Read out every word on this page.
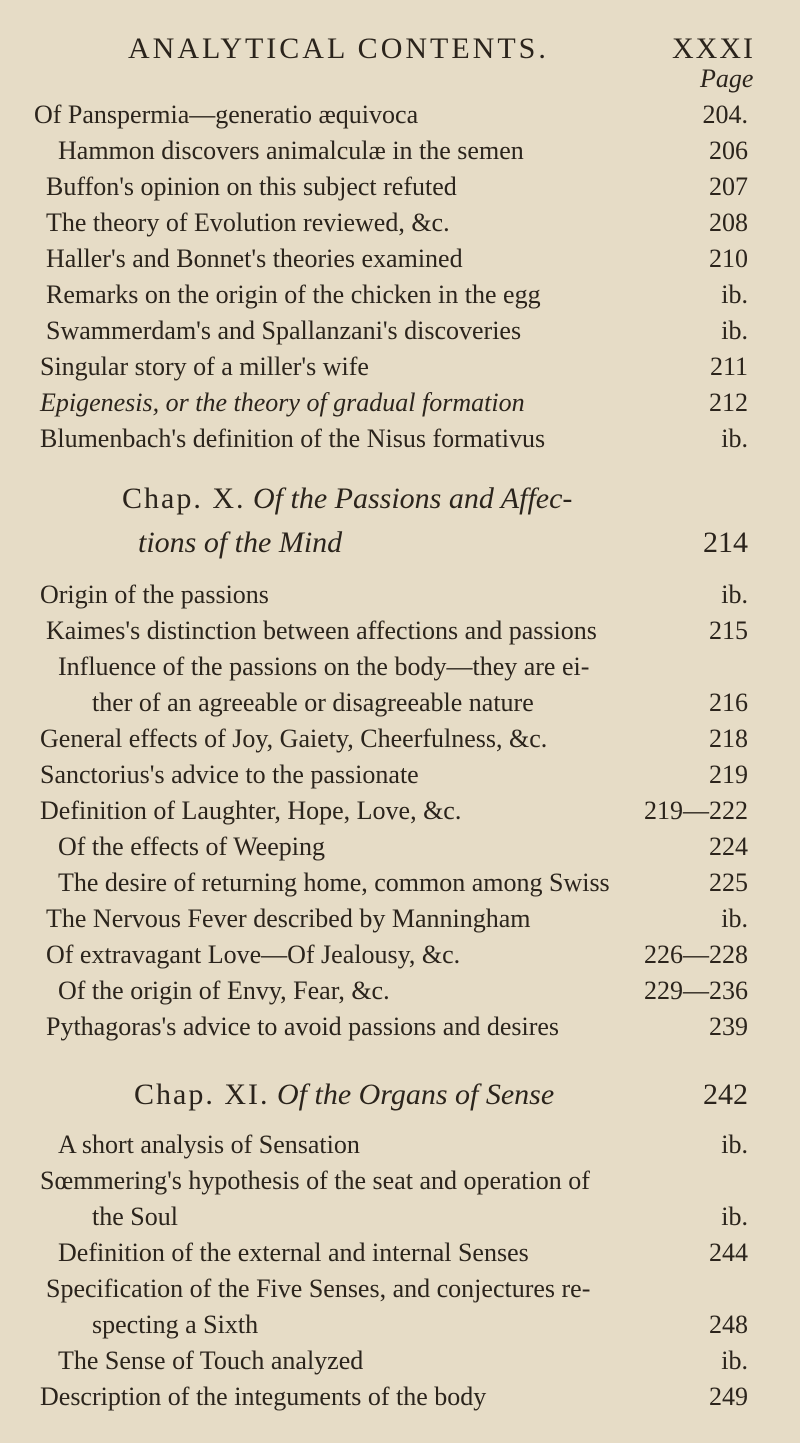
ANALYTICAL CONTENTS.	XXXI
Page
Of Panspermia—generatio æquivoca	204.
Hammon discovers animalculæ in the semen	206
Buffon's opinion on this subject refuted	207
The theory of Evolution reviewed, &c.	208
Haller's and Bonnet's theories examined	210
Remarks on the origin of the chicken in the egg	ib.
Swammerdam's and Spallanzani's discoveries	ib.
Singular story of a miller's wife	211
Epigenesis, or the theory of gradual formation	212
Blumenbach's definition of the Nisus formativus	ib.
Chap. X. Of the Passions and Affec-
tions of the Mind	214
Origin of the passions	ib.
Kaimes's distinction between affections and passions	215
Influence of the passions on the body—they are ei-
ther of an agreeable or disagreeable nature	216
General effects of Joy, Gaiety, Cheerfulness, &c.	218
Sanctorius's advice to the passionate	219
Definition of Laughter, Hope, Love, &c.	219—222
Of the effects of Weeping	224
The desire of returning home, common among Swiss	225
The Nervous Fever described by Manningham	ib.
Of extravagant Love—Of Jealousy, &c.	226—228
Of the origin of Envy, Fear, &c.	229—236
Pythagoras's advice to avoid passions and desires	239
Chap. XI. Of the Organs of Sense	242
A short analysis of Sensation	ib.
Sœmmering's hypothesis of the seat and operation of
the Soul	ib.
Definition of the external and internal Senses	244
Specification of the Five Senses, and conjectures re-
specting a Sixth	248
The Sense of Touch analyzed	ib.
Description of the integuments of the body	249
